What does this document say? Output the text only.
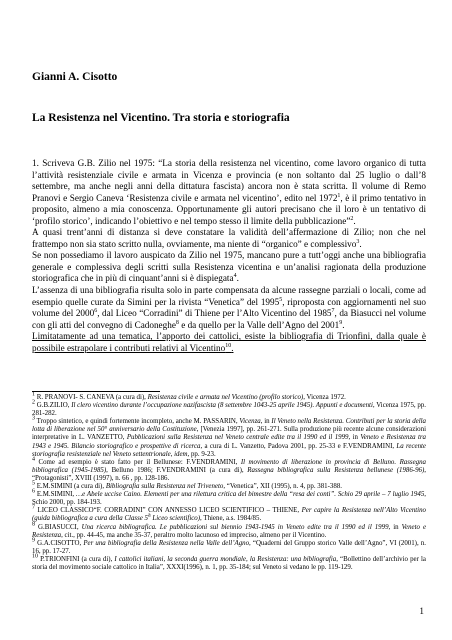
Gianni A. Cisotto
La Resistenza nel Vicentino. Tra storia e storiografia

1. Scriveva G.B. Zilio nel 1975: “La storia della resistenza nel vicentino, come lavoro organico di tutta l’attività resistenziale civile e armata in Vicenza e provincia (e non soltanto dal 25 luglio o dall’8 settembre, ma anche negli anni della dittatura fascista) ancora non è stata scritta. Il volume di Remo Pranovi e Sergio Caneva ‘Resistenza civile e armata nel vicentino’, edito nel 1972$^1$, è il primo tentativo in proposito, almeno a mia conoscenza. Opportunamente gli autori precisano che il loro è un tentativo di ‘profilo storico’, indicando l’obiettivo e nel tempo stesso il limite della pubblicazione”$^2$.

A quasi trent’anni di distanza si deve constatare la validità dell’affermazione di Zilio; non che nel frattempo non sia stato scritto nulla, ovviamente, ma niente di “organico” e complessivo$^3$.

Se non possediamo il lavoro auspicato da Zilio nel 1975, mancano pure a tutt’oggi anche una bibliografia generale e complessiva degli scritti sulla Resistenza vicentina e un’analisi ragionata della produzione storiografica che in più di cinquant’anni si è dispiegata$^4$.

L’assenza di una bibliografia risulta solo in parte compensata da alcune rassegne parziali o locali, come ad esempio quelle curate da Simini per la rivista “Venetica” del 1995$^5$, riproposta con aggiornamenti nel suo volume del 2000$^6$, dal Liceo “Corradini” di Thiene per l’Alto Vicentino del 1985$^7$, da Biasucci nel volume con gli atti del convegno di Cadoneghe$^8$ e da quello per la Valle dell’Agno del 2001$^9$.

Limitatamente ad una tematica, l’apporto dei cattolici, esiste la bibliografia di Trionfini, dalla quale è possibile estrapolare i contributi relativi al Vicentino$^{10}$.

$^1$ R. PRANOVI- S. CANEVA (a cura di), Resistenza civile e armata nel Vicentino (profilo storico), Vicenza 1972.

$^2$ G.B.ZILIO, Il clero vicentino durante l’occupazione nazifascista (8 settembre 1043-25 aprile 1945). Appunti e documenti, Vicenza 1975, pp. 281-282.

$^3$ Troppo sintetico, e quindi fortemente incompleto, anche M. PASSARIN, Vicenza, in Il Veneto nella Resistenza. Contributi per la storia della lotta di liberazione nel 50° anniversario della Costituzione, [Venezia 1997], pp. 261-271. Sulla produzione più recente alcune considerazioni interpretative in L. VANZETTO, Pubblicazioni sulla Resistenza nel Veneto centrale edite tra il 1990 ed il 1999, in Veneto e Resistenza tra 1943 e 1945. Bilancio storiografico e prospettive di ricerca, a cura di L. Vanzetto, Padova 2001, pp. 25-33 e F.VENDRAMINI, La recente storiografia resistenziale nel Veneto settentrionale, idem, pp. 9-23.

$^4$ Come ad esempio è stato fatto per il Bellunese: F.VENDRAMINI, Il movimento di liberazione in provincia di Belluno. Rassegna bibliografica (1945-1985), Belluno 1986; F.VENDRAMINI (a cura di), Rassegna bibliografica sulla Resistenza bellunese (1986-96), “Protagonisti”, XVIII (1997), n. 66 , pp. 128-186.

$^5$ E.M.SIMINI (a cura di), Bibliografia sulla Resistenza nel Triveneto, “Venetica”, XII (1995), n. 4, pp. 381-388.

$^6$ E.M.SIMINI, …e Abele uccise Caino. Elementi per una rilettura critica del bimestre della “resa dei conti”. Schio 29 aprile – 7 luglio 1945, Schio 2000, pp. 184-193.

$^7$ LICEO CLASSICO“F. CORRADINI” CON ANNESSO LICEO SCIENTIFICO – THIENE, Per capire la Resistenza nell’Alto Vicentino (guida bibliografica a cura della Classe 5$^a$ Liceo scientifico), Thiene, a.s. 1984/85.

$^8$ G.BIASUCCI, Una ricerca bibliografica. Le pubblicazioni sul biennio 1943-1945 in Veneto edite tra il 1990 ed il 1999, in Veneto e Resistenza, cit., pp. 44-45, ma anche 35-37, peraltro molto lacunoso ed impreciso, almeno per il Vicentino.

$^9$ G.A.CISOTTO, Per una bibliografia della Resistenza nella Valle dell’Agno, “Quaderni del Gruppo storico Valle dell’Agno”, VI (2001), n. 16, pp. 17-27.

$^{10}$ P.TRIONFINI (a cura di), I cattolici italiani, la seconda guerra mondiale, la Resistenza: una bibliografia, “Bollettino dell’archivio per la storia del movimento sociale cattolico in Italia”, XXXI(1996), n. 1, pp. 35-184; sul Veneto si vedano le pp. 119-129.

1
